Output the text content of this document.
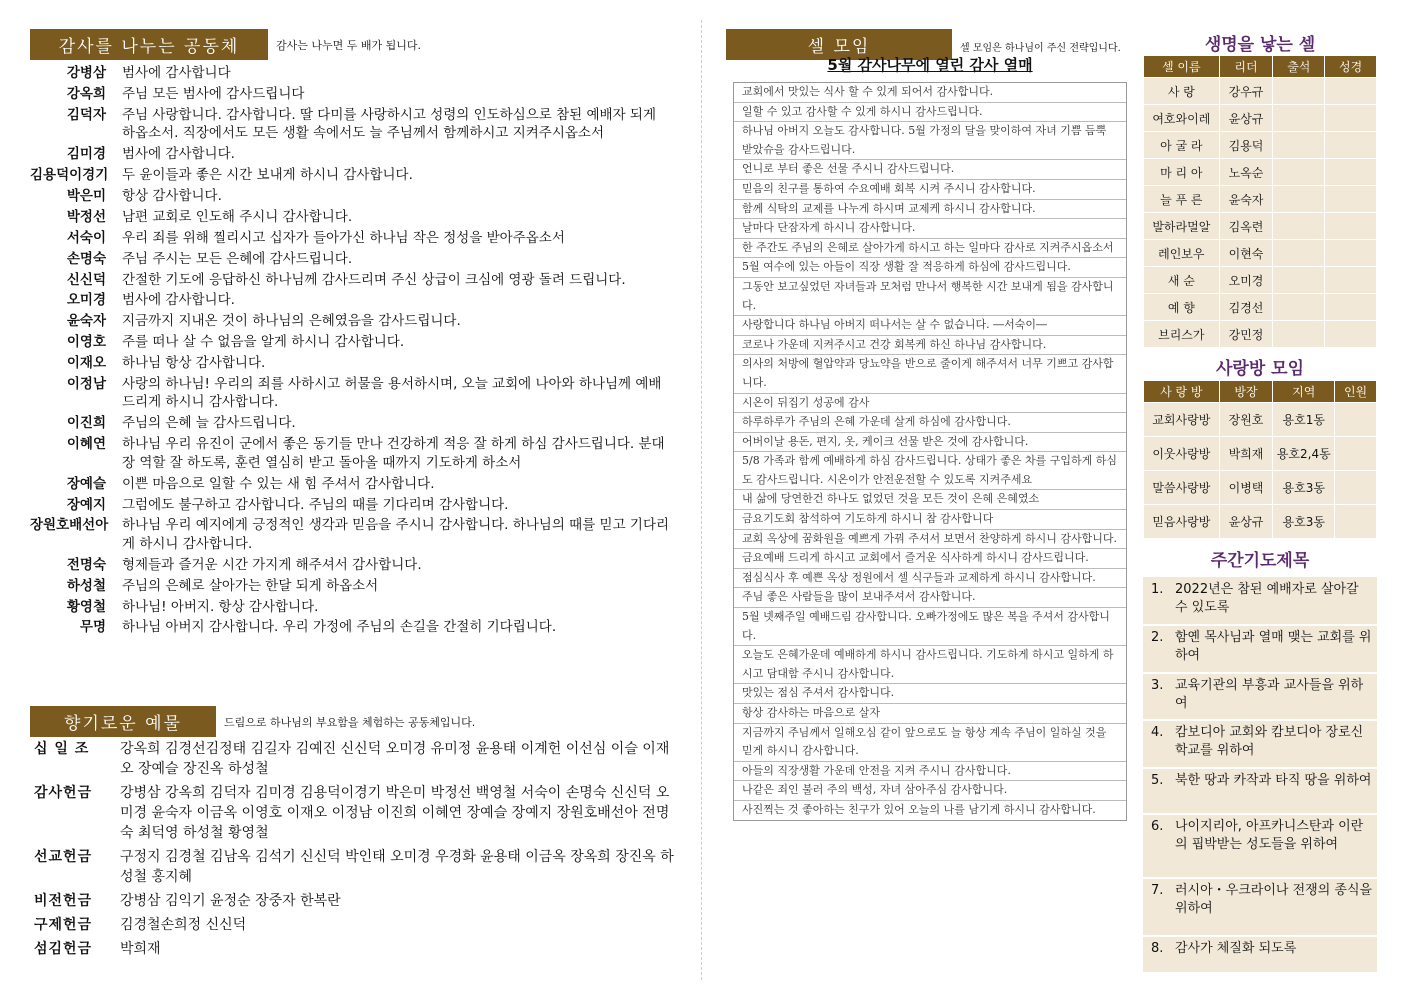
감사를 나누는 공동체	감사는 나누면 두 배가 됩니다.
강병삼	범사에 감사합니다
강옥희	주님 모든 범사에 감사드립니다
김덕자	주님 사랑합니다. 감사합니다. 딸 다미를 사랑하시고 성령의 인도하심으로 참된 예배자 되게 하옵소서. 직장에서도 모든 생활 속에서도 늘 주님께서 함께하시고 지켜주시옵소서
김미경	범사에 감사합니다.
김용덕이경기	두 윤이들과 좋은 시간 보내게 하시니 감사합니다.
박은미	항상 감사합니다.
박정선	남편 교회로 인도해 주시니 감사합니다.
서숙이	우리 죄를 위해 찔리시고 십자가 들아가신 하나님 작은 정성을 받아주옵소서
손명숙	주님 주시는 모든 은혜에 감사드립니다.
신신덕	간절한 기도에 응답하신 하나님께 감사드리며 주신 상급이 크심에 영광 돌려 드립니다.
오미경	범사에 감사합니다.
윤숙자	지금까지 지내온 것이 하나님의 은혜였음을 감사드립니다.
이영호	주를 떠나 살 수 없음을 알게 하시니 감사합니다.
이재오	하나님 항상 감사합니다.
이정남	사랑의 하나님! 우리의 죄를 사하시고 허물을 용서하시며, 오늘 교회에 나아와 하나님께 예배 드리게 하시니 감사합니다.
이진희	주님의 은혜 늘 감사드립니다.
이혜연	하나님 우리 유진이 군에서 좋은 동기들 만나 건강하게 적응 잘 하게 하심 감사드립니다. 분대장 역할 잘 하도록, 훈련 열심히 받고 돌아올 때까지 기도하게 하소서
장예슬	이쁜 마음으로 일할 수 있는 새 힘 주셔서 감사합니다.
장예지	그럼에도 불구하고 감사합니다. 주님의 때를 기다리며 감사합니다.
장원호배선아	하나님 우리 예지에게 긍정적인 생각과 믿음을 주시니 감사합니다. 하나님의 때를 믿고 기다리게 하시니 감사합니다.
전명숙	형제들과 즐거운 시간 가지게 해주셔서 감사합니다.
하성철	주님의 은혜로 살아가는 한달 되게 하옵소서
황영철	하나님! 아버지. 항상 감사합니다.
무명	하나님 아버지 감사합니다. 우리 가정에 주님의 손길을 간절히 기다립니다.
향기로운 예물	드림으로 하나님의 부요함을 체험하는 공동체입니다.
십 일 조	강옥희 김경선김정태 김길자 김예진 신신덕 오미경 유미정 윤용태 이계헌 이선심 이슬 이재오 장예슬 장진옥 하성철
감사헌금	강병삼 강옥희 김덕자 김미경 김용덕이경기 박은미 박정선 백영철 서숙이 손명숙 신신덕 오미경 윤숙자 이금옥 이영호 이재오 이정남 이진희 이혜연 장예슬 장예지 장원호배선아 전명숙 최덕영 하성철 황영철
선교헌금	구정지 김경철 김남옥 김석기 신신덕 박인태 오미경 우경화 윤용태 이금옥 장옥희 장진옥 하성철 홍지혜
비전헌금	강병삼 김익기 윤정순 장중자 한복란
구제헌금	김경철손희정 신신덕
섬김헌금	박희재
셀 모임	셀 모임은 하나님이 주신 전략입니다.
5월 감사나무에 열린 감사 열매
교회에서 맛있는 식사 할 수 있게 되어서 감사합니다.
일할 수 있고 감사할 수 있게 하시니 감사드립니다.
하나님 아버지 오늘도 감사합니다. 5월 가정의 달을 맞이하여 자녀 기쁨 듬뿍 받았슈을 감사드립니다.
언니로 부터 좋은 선물 주시니 감사드립니다.
믿음의 친구를 통하여 수요예배 회복 시켜 주시니 감사합니다.
함께 식탁의 교제를 나누게 하시며 교제케 하시니 감사합니다.
날마다 단잠자게 하시니 감사합니다.
한 주간도 주님의 은혜로 살아가게 하시고 하는 일마다 감사로 지켜주시옵소서
5월 여수에 있는 아들이 직장 생활 잘 적응하게 하심에 감사드립니다.
그동안 보고싶었던 자녀들과 모처럼 만나서 행복한 시간 보내게 됨을 감사합니다.
사랑합니다 하나님 아버지 떠나서는 살 수 없습니다. ―서숙이―
코로나 가운데 지켜주시고 건강 회복케 하신 하나님 감사합니다.
의사의 처방에 혈압약과 당뇨약을 반으로 줄이게 해주셔서 너무 기쁘고 감사합니다.
시온이 뒤집기 성공에 감사
하루하루가 주님의 은혜 가운데 살게 하심에 감사합니다.
어버이날 용돈, 편지, 옷, 케이크 선물 받은 것에 감사합니다.
5/8 가족과 함께 예배하게 하심 감사드립니다. 상태가 좋은 차를 구입하게 하심도 감사드립니다. 시온이가 안전운전할 수 있도록 지켜주세요
내 삶에 당연한건 하나도 없었던 것을 모든 것이 은혜 은혜였소
금요기도회 참석하여 기도하게 하시니 참 감사합니다
교회 옥상에 꿈화원을 예쁘게 가꿔 주셔서 보면서 찬양하게 하시니 감사합니다.
금요예배 드리게 하시고 교회에서 즐거운 식사하게 하시니 감사드립니다.
점심식사 후 예쁜 옥상 정원에서 셀 식구들과 교제하게 하시니 감사합니다.
주님 좋은 사람들을 많이 보내주셔서 감사합니다.
5월 넷째주일 예배드림 감사합니다. 오빠가정에도 많은 복을 주셔서 감사합니다.
오늘도 은혜가운데 예배하게 하시니 감사드립니다. 기도하게 하시고 일하게 하시고 담대함 주시니 감사합니다.
맛있는 점심 주셔서 감사합니다.
항상 감사하는 마음으로 살자
지금까지 주님께서 일해오심 같이 앞으로도 늘 항상 계속 주님이 일하실 것을 믿게 하시니 감사합니다.
아들의 직장생활 가운데 안전을 지켜 주시니 감사합니다.
나같은 죄인 불러 주의 백성, 자녀 삼아주심 감사합니다.
사진찍는 것 좋아하는 친구가 있어 오늘의 나를 남기게 하시니 감사합니다.
생명을 낳는 셀
셀 이름	리더	출석	성경
사 랑	강우규		
여호와이레	윤상규		
아 굴 라	김용덕		
마 리 아	노옥순		
늘 푸 른	윤숙자		
발하라멀알	김옥련		
레인보우	이현숙		
새 순	오미경		
예 향	김경선		
브리스가	강민정		
사랑방 모임
사 랑 방	방장	지역	인원
교회사랑방	장원호	용호1동	
이웃사랑방	박희재	용호2,4동	
말씀사랑방	이병택	용호3동	
믿음사랑방	윤상규	용호3동	
주간기도제목
1. 2022년은 참된 예배자로 살아갈 수 있도록
2. 함옌 목사님과 열매 맺는 교회를 위하여
3. 교육기관의 부흥과 교사들을 위하여
4. 캄보디아 교회와 캄보디아 장로신학교를 위하여
5. 북한 땅과 카작과 타직 땅을 위하여
6. 나이지리아, 아프카니스탄과 이란의 핍박받는 성도들을 위하여
7. 러시아・우크라이나 전쟁의 종식을 위하여
8. 감사가 체질화 되도록
